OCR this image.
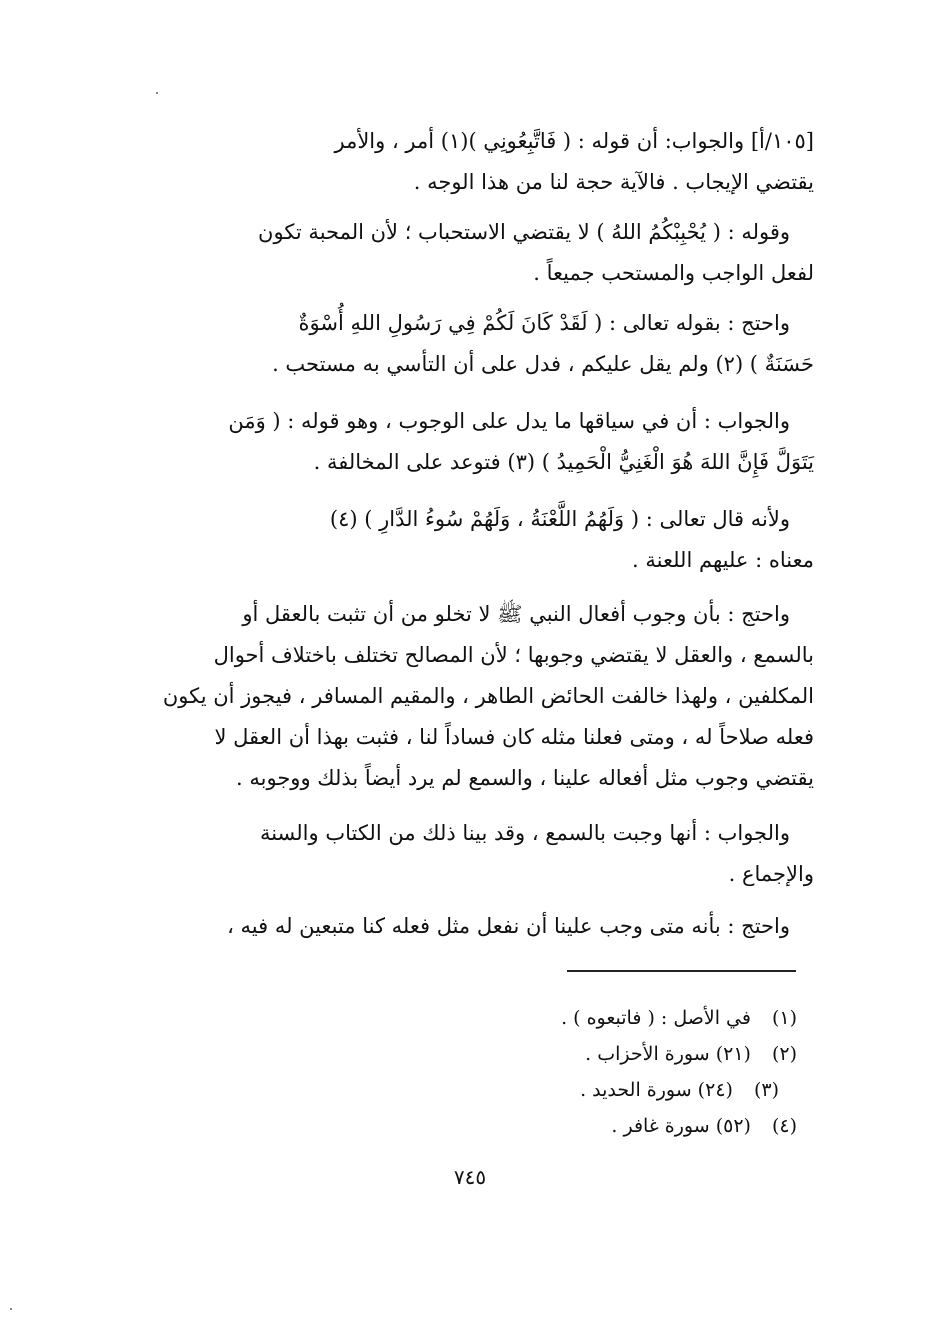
[١٠٥/أ] والجواب: أن قوله : ( فَاتَّبِعُونِي )(١) أمر ، والأمر
يقتضي الإيجاب . فالآية حجة لنا من هذا الوجه .
وقوله : ( يُحْبِبْكُمُ اللهُ ) لا يقتضي الاستحباب ؛ لأن المحبة تكون
لفعل الواجب والمستحب جميعاً .
واحتج : بقوله تعالى : ( لَقَدْ كَانَ لَكُمْ فِي رَسُولِ اللهِ أُسْوَةٌ
حَسَنَةٌ ) (٢) ولم يقل عليكم ، فدل على أن التأسي به مستحب .
والجواب : أن في سياقها ما يدل على الوجوب ، وهو قوله : ( وَمَن
يَتَوَلَّ فَإِنَّ اللهَ هُوَ الْغَنِيُّ الْحَمِيدُ ) (٣) فتوعد على المخالفة .
ولأنه قال تعالى : ( وَلَهُمُ اللَّعْنَةُ ، وَلَهُمْ سُوءُ الدَّارِ ) (٤)
معناه : عليهم اللعنة .
واحتج : بأن وجوب أفعال النبي ﷺ لا تخلو من أن تثبت بالعقل أو
بالسمع ، والعقل لا يقتضي وجوبها ؛ لأن المصالح تختلف باختلاف أحوال
المكلفين ، ولهذا خالفت الحائض الطاهر ، والمقيم المسافر ، فيجوز أن يكون
فعله صلاحاً له ، ومتى فعلنا مثله كان فساداً لنا ، فثبت بهذا أن العقل لا
يقتضي وجوب مثل أفعاله علينا ، والسمع لم يرد أيضاً بذلك ووجوبه .
والجواب : أنها وجبت بالسمع ، وقد بينا ذلك من الكتاب والسنة
والإجماع .
واحتج : بأنه متى وجب علينا أن نفعل مثل فعله كنا متبعين له فيه ،
(١) في الأصل : ( فاتبعوه ) .
(٢) (٢١) سورة الأحزاب .
(٣) (٢٤) سورة الحديد .
(٤) (٥٢) سورة غافر .
٧٤٥
